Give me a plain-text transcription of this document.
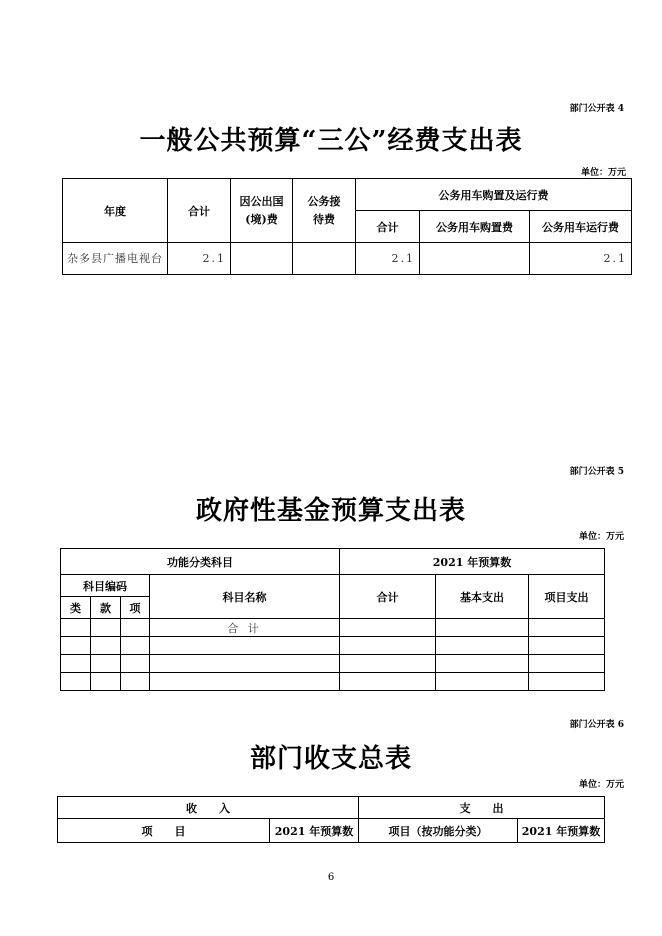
部门公开表 4
一般公共预算“三公”经费支出表
单位：万元
年度	合计	因公出国(境)费	公务接待费	公务用车购置及运行费		
				合计	公务用车购置费	公务用车运行费
杂多县广播电视台	2.1			2.1		2.1
部门公开表 5
政府性基金预算支出表
单位：万元
功能分类科目				2021 年预算数		
科目编码			科目名称	合计	基本支出	项目支出
类	款	项				
			合 计			

部门公开表 6
部门收支总表
单位：万元
收　　入		支　　出	
项　　目	2021 年预算数	项目（按功能分类）	2021 年预算数
6
